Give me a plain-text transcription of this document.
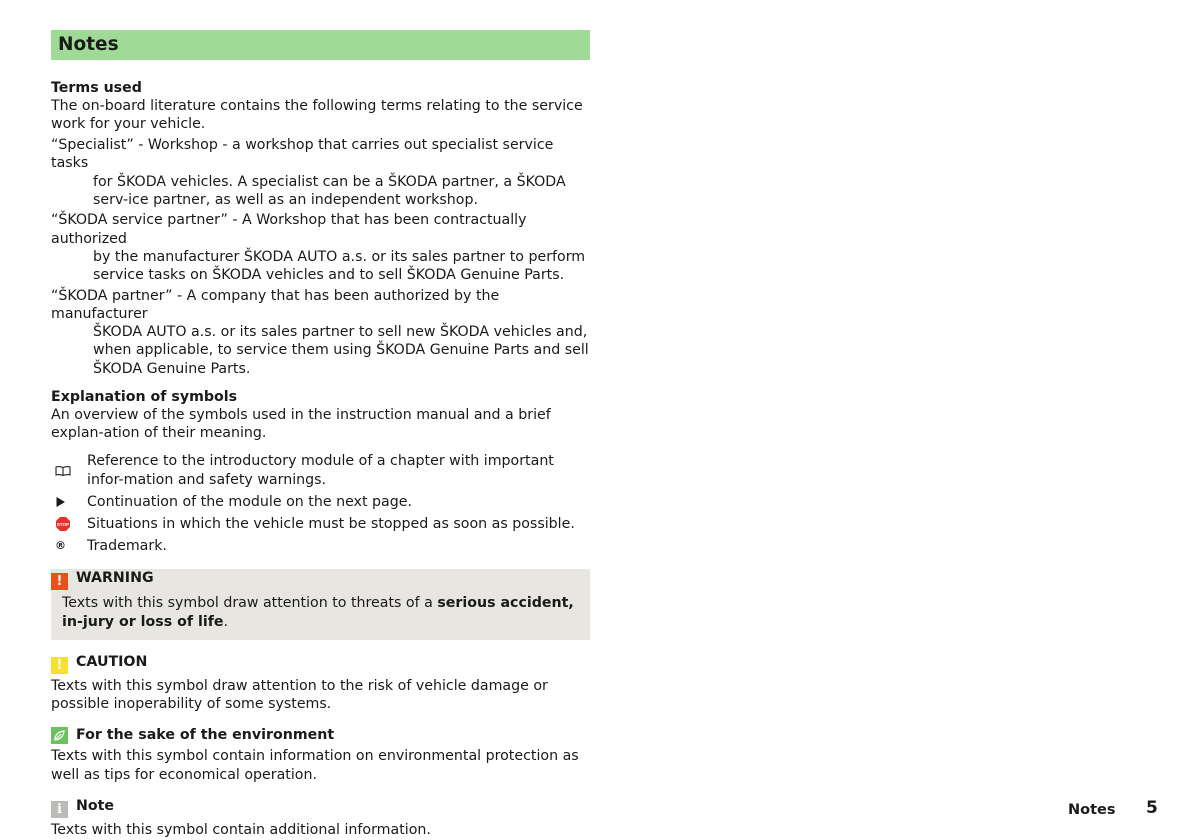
Notes

Terms used

The on-board literature contains the following terms relating to the service work for your vehicle.

“Specialist” - Workshop - a workshop that carries out specialist service tasks
for ŠKODA vehicles. A specialist can be a ŠKODA partner, a ŠKODA serv-ice partner, as well as an independent workshop.
“ŠKODA service partner” - A Workshop that has been contractually authorized
by the manufacturer ŠKODA AUTO a.s. or its sales partner to perform service tasks on ŠKODA vehicles and to sell ŠKODA Genuine Parts.
“ŠKODA partner” - A company that has been authorized by the manufacturer
ŠKODA AUTO a.s. or its sales partner to sell new ŠKODA vehicles and, when applicable, to service them using ŠKODA Genuine Parts and sell ŠKODA Genuine Parts.

Explanation of symbols

An overview of the symbols used in the instruction manual and a brief explan-ation of their meaning.

Reference to the introductory module of a chapter with important infor-mation and safety warnings.
Continuation of the module on the next page.
STOP Situations in which the vehicle must be stopped as soon as possible.
® Trademark.
! WARNING

Texts with this symbol draw attention to threats of a serious accident, in-jury or loss of life.

! CAUTION

Texts with this symbol draw attention to the risk of vehicle damage or possible inoperability of some systems.

For the sake of the environment

Texts with this symbol contain information on environmental protection as well as tips for economical operation.

i Note

Texts with this symbol contain additional information.

Notes 5
